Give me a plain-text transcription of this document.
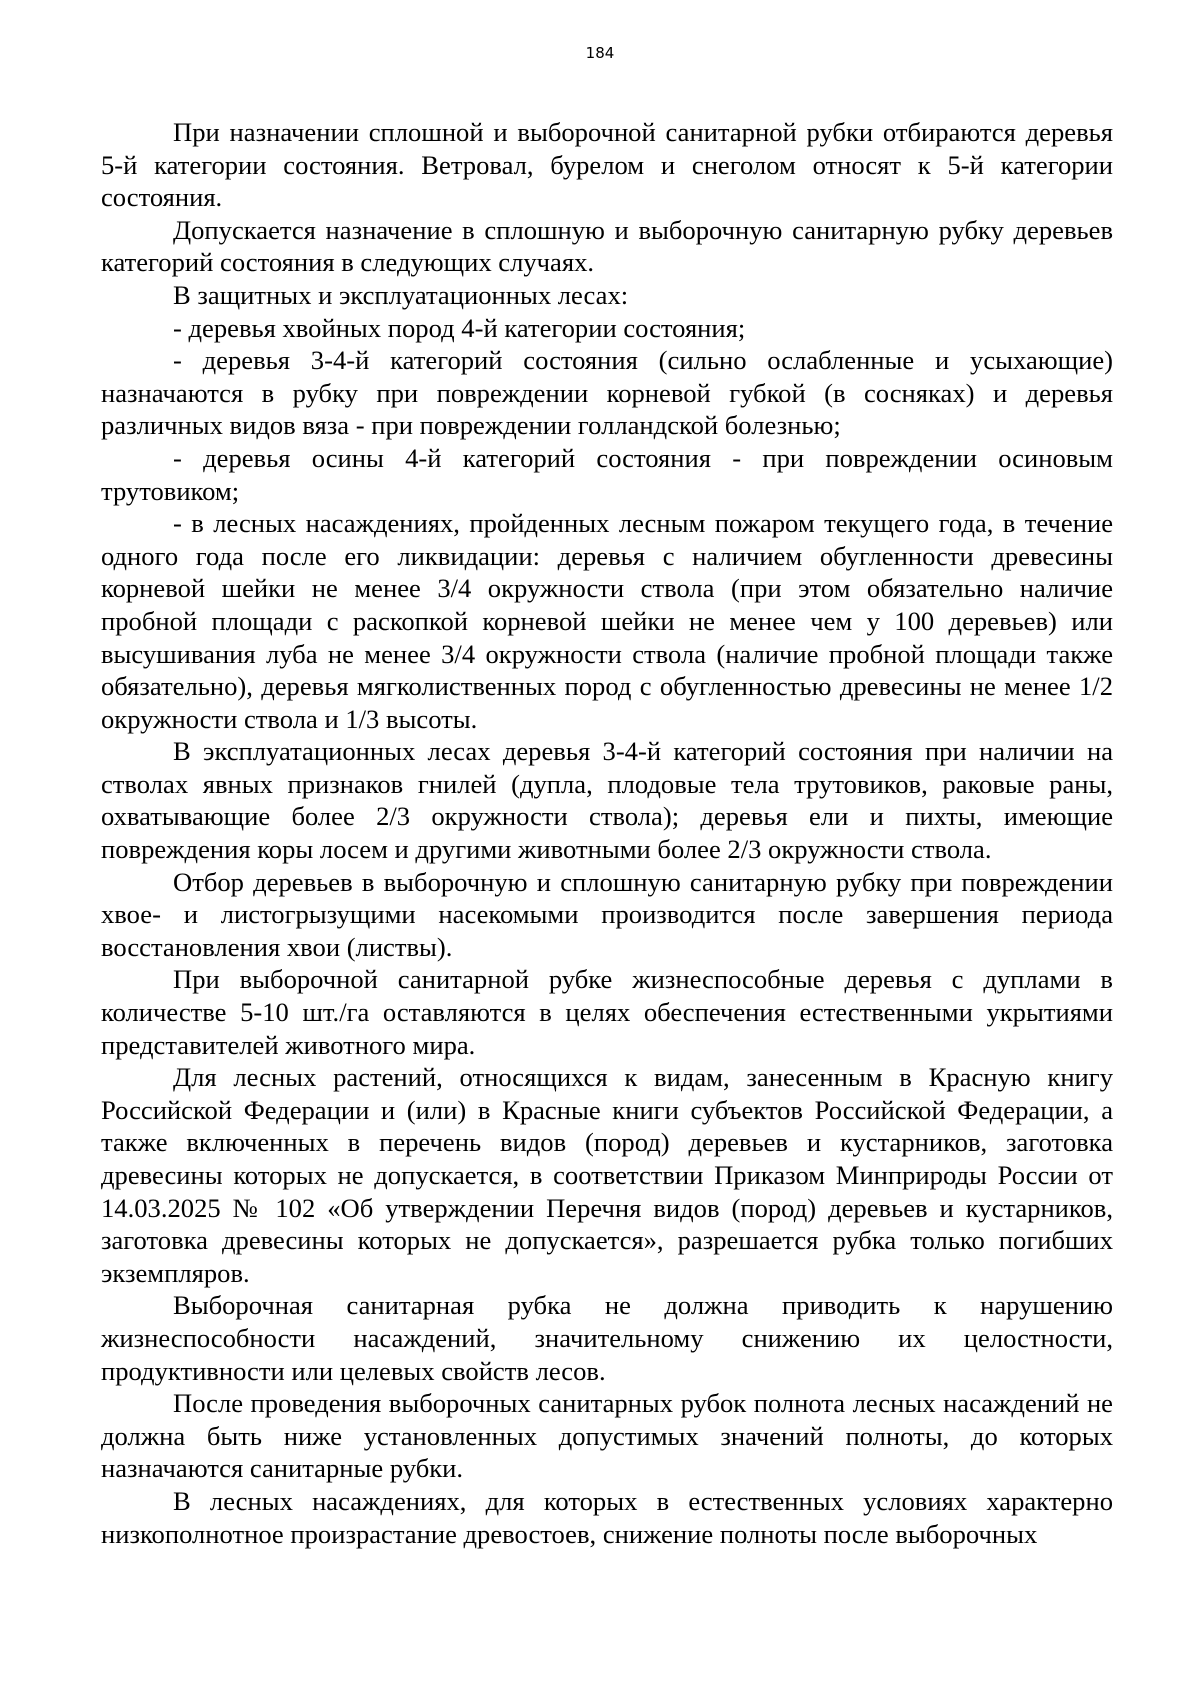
184

При назначении сплошной и выборочной санитарной рубки отбираются деревья 5-й категории состояния. Ветровал, бурелом и снеголом относят к 5-й категории состояния.

Допускается назначение в сплошную и выборочную санитарную рубку деревьев категорий состояния в следующих случаях.

В защитных и эксплуатационных лесах:

- деревья хвойных пород 4-й категории состояния;

- деревья 3-4-й категорий состояния (сильно ослабленные и усыхающие) назначаются в рубку при повреждении корневой губкой (в сосняках) и деревья различных видов вяза - при повреждении голландской болезнью;

- деревья осины 4-й категорий состояния - при повреждении осиновым трутовиком;

- в лесных насаждениях, пройденных лесным пожаром текущего года, в течение одного года после его ликвидации: деревья с наличием обугленности древесины корневой шейки не менее 3/4 окружности ствола (при этом обязательно наличие пробной площади с раскопкой корневой шейки не менее чем у 100 деревьев) или высушивания луба не менее 3/4 окружности ствола (наличие пробной площади также обязательно), деревья мягколиственных пород с обугленностью древесины не менее 1/2 окружности ствола и 1/3 высоты.

В эксплуатационных лесах деревья 3-4-й категорий состояния при наличии на стволах явных признаков гнилей (дупла, плодовые тела трутовиков, раковые раны, охватывающие более 2/3 окружности ствола); деревья ели и пихты, имеющие повреждения коры лосем и другими животными более 2/3 окружности ствола.

Отбор деревьев в выборочную и сплошную санитарную рубку при повреждении хвое- и листогрызущими насекомыми производится после завершения периода восстановления хвои (листвы).

При выборочной санитарной рубке жизнеспособные деревья с дуплами в количестве 5-10 шт./га оставляются в целях обеспечения естественными укрытиями представителей животного мира.

Для лесных растений, относящихся к видам, занесенным в Красную книгу Российской Федерации и (или) в Красные книги субъектов Российской Федерации, а также включенных в перечень видов (пород) деревьев и кустарников, заготовка древесины которых не допускается, в соответствии Приказом Минприроды России от 14.03.2025 № 102 «Об утверждении Перечня видов (пород) деревьев и кустарников, заготовка древесины которых не допускается», разрешается рубка только погибших экземпляров.

Выборочная санитарная рубка не должна приводить к нарушению жизнеспособности насаждений, значительному снижению их целостности, продуктивности или целевых свойств лесов.

После проведения выборочных санитарных рубок полнота лесных насаждений не должна быть ниже установленных допустимых значений полноты, до которых назначаются санитарные рубки.

В лесных насаждениях, для которых в естественных условиях характерно низкополнотное произрастание древостоев, снижение полноты после выборочных
